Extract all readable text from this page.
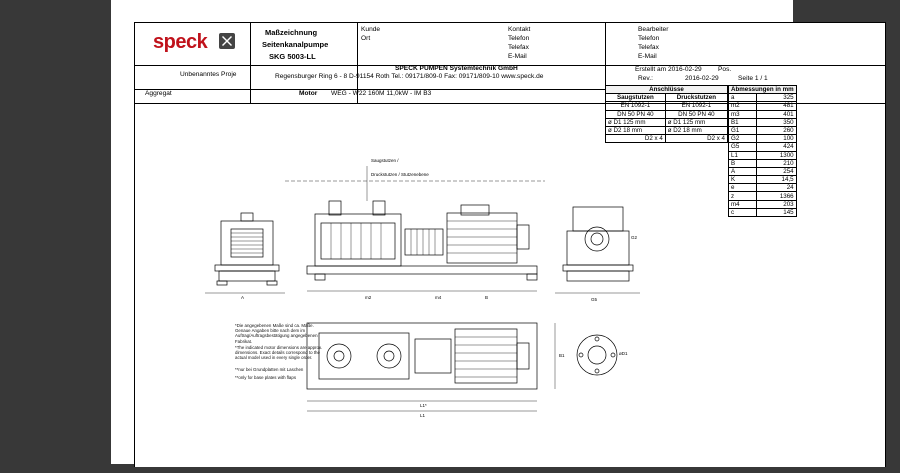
speck	Maßzeichnung
Seitenkanalpumpe
SKG 5003-LL
Kunde
Ort
Kontakt
Telefon
Telefax
E-Mail
Bearbeiter
Telefon
Telefax
E-Mail
Unbenanntes Proje
SPECK PUMPEN Systemtechnik GmbH
Regensburger Ring 6 - 8 D-91154 Roth Tel.: 09171/809-0 Fax: 09171/809-10 www.speck.de
Erstellt am 2016-02-29 Pos.
Rev.:	2016-02-29	Seite 1 / 1
Aggregat	Motor WEG - W22 160M 11,0kW - IM B3
Anschlüsse	
Saugstutzen	Druckstutzen
EN 1092-1	EN 1092-1
DN 50 PN 40	DN 50 PN 40
ø D1 125 mm	ø D1 125 mm
ø D2 18 mm	ø D2 18 mm
D2 x 4	D2 x 4
Abmessungen in mm	
a	325
m2	481
m3	401
B1	350
G1	260
G2	100
G5	424
L1	1300
B	210
A	254
K	14,5
e	24
z	1366
m4	203
c	145
Saugstutzen /
Druckstutzen / Stutzenebene
A	B
m2	m4
L1
L1*
B1
G5
G2
øD1
*Die angegebenen Maße sind ca. Maße. Genaue Angaben bitte nach dem im Auftrag/Auftragsbestätigung angegebenen Fabrikat.
*The indicated motor dimensions are approx. dimensions. Exact details correspond to the actual model used in every single order.
**nur bei Grundplatten mit Laschen
**only for base plates with flaps
